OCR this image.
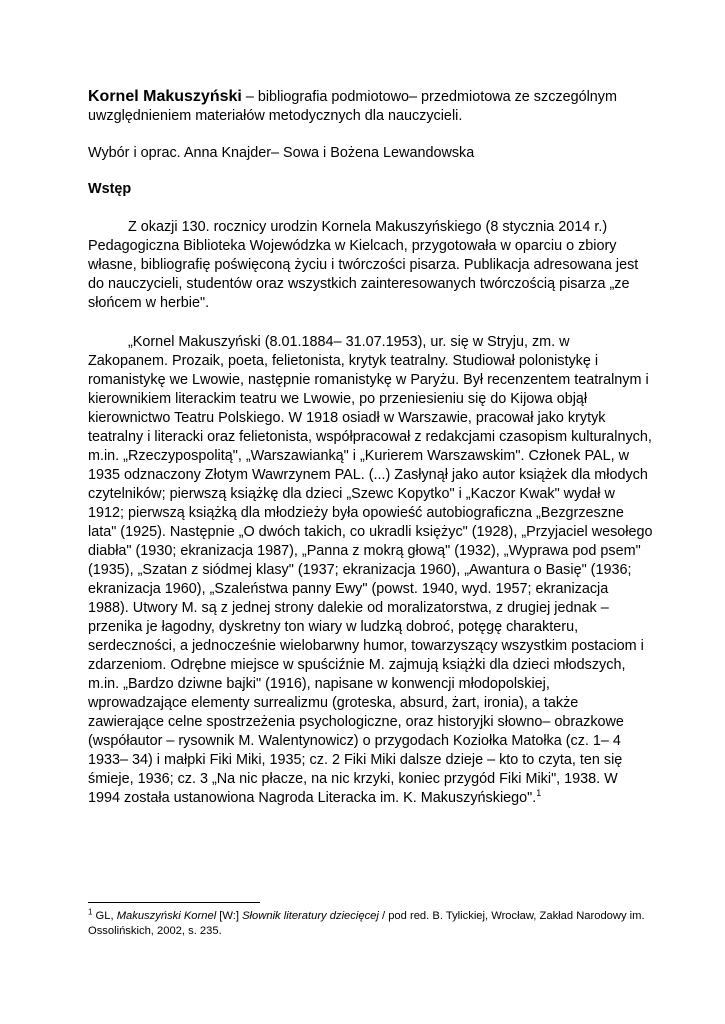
Kornel Makuszyński – bibliografia podmiotowo– przedmiotowa ze szczególnym uwzględnieniem materiałów metodycznych dla nauczycieli.

Wybór i oprac. Anna Knajder– Sowa i Bożena Lewandowska

Wstęp

Z okazji 130. rocznicy urodzin Kornela Makuszyńskiego (8 stycznia 2014 r.) Pedagogiczna Biblioteka Wojewódzka w Kielcach, przygotowała w oparciu o zbiory własne, bibliografię poświęconą życiu i twórczości pisarza. Publikacja adresowana jest do nauczycieli, studentów oraz wszystkich zainteresowanych twórczością pisarza „ze słońcem w herbie".

„Kornel Makuszyński (8.01.1884– 31.07.1953), ur. się w Stryju, zm. w Zakopanem. Prozaik, poeta, felietonista, krytyk teatralny. Studiował polonistykę i romanistykę we Lwowie, następnie romanistykę w Paryżu. Był recenzentem teatralnym i kierownikiem literackim teatru we Lwowie, po przeniesieniu się do Kijowa objął kierownictwo Teatru Polskiego. W 1918 osiadł w Warszawie, pracował jako krytyk teatralny i literacki oraz felietonista, współpracował z redakcjami czasopism kulturalnych, m.in. „Rzeczypospolitą", „Warszawianką" i „Kurierem Warszawskim". Członek PAL, w 1935 odznaczony Złotym Wawrzynem PAL. (...) Zasłynął jako autor książek dla młodych czytelników; pierwszą książkę dla dzieci „Szewc Kopytko" i „Kaczor Kwak" wydał w 1912; pierwszą książką dla młodzieży była opowieść autobiograficzna „Bezgrzeszne lata" (1925). Następnie „O dwóch takich, co ukradli księżyc" (1928), „Przyjaciel wesołego diabła" (1930; ekranizacja 1987), „Panna z mokrą głową" (1932), „Wyprawa pod psem" (1935), „Szatan z siódmej klasy" (1937; ekranizacja 1960), „Awantura o Basię" (1936; ekranizacja 1960), „Szaleństwa panny Ewy" (powst. 1940, wyd. 1957; ekranizacja 1988). Utwory M. są z jednej strony dalekie od moralizatorstwa, z drugiej jednak – przenika je łagodny, dyskretny ton wiary w ludzką dobroć, potęgę charakteru, serdeczności, a jednocześnie wielobarwny humor, towarzyszący wszystkim postaciom i zdarzeniom. Odrębne miejsce w spuściźnie M. zajmują książki dla dzieci młodszych, m.in. „Bardzo dziwne bajki" (1916), napisane w konwencji młodopolskiej, wprowadzające elementy surrealizmu (groteska, absurd, żart, ironia), a także zawierające celne spostrzeżenia psychologiczne, oraz historyjki słowno– obrazkowe (współautor – rysownik M. Walentynowicz) o przygodach Koziołka Matołka (cz. 1– 4 1933– 34) i małpki Fiki Miki, 1935; cz. 2 Fiki Miki dalsze dzieje – kto to czyta, ten się śmieje, 1936; cz. 3 „Na nic płacze, na nic krzyki, koniec przygód Fiki Miki", 1938. W 1994 została ustanowiona Nagroda Literacka im. K. Makuszyńskiego".$^1$

$^1$ GL, Makuszyński Kornel [W:] Słownik literatury dziecięcej / pod red. B. Tylickiej, Wrocław, Zakład Narodowy im. Ossolińskich, 2002, s. 235.
